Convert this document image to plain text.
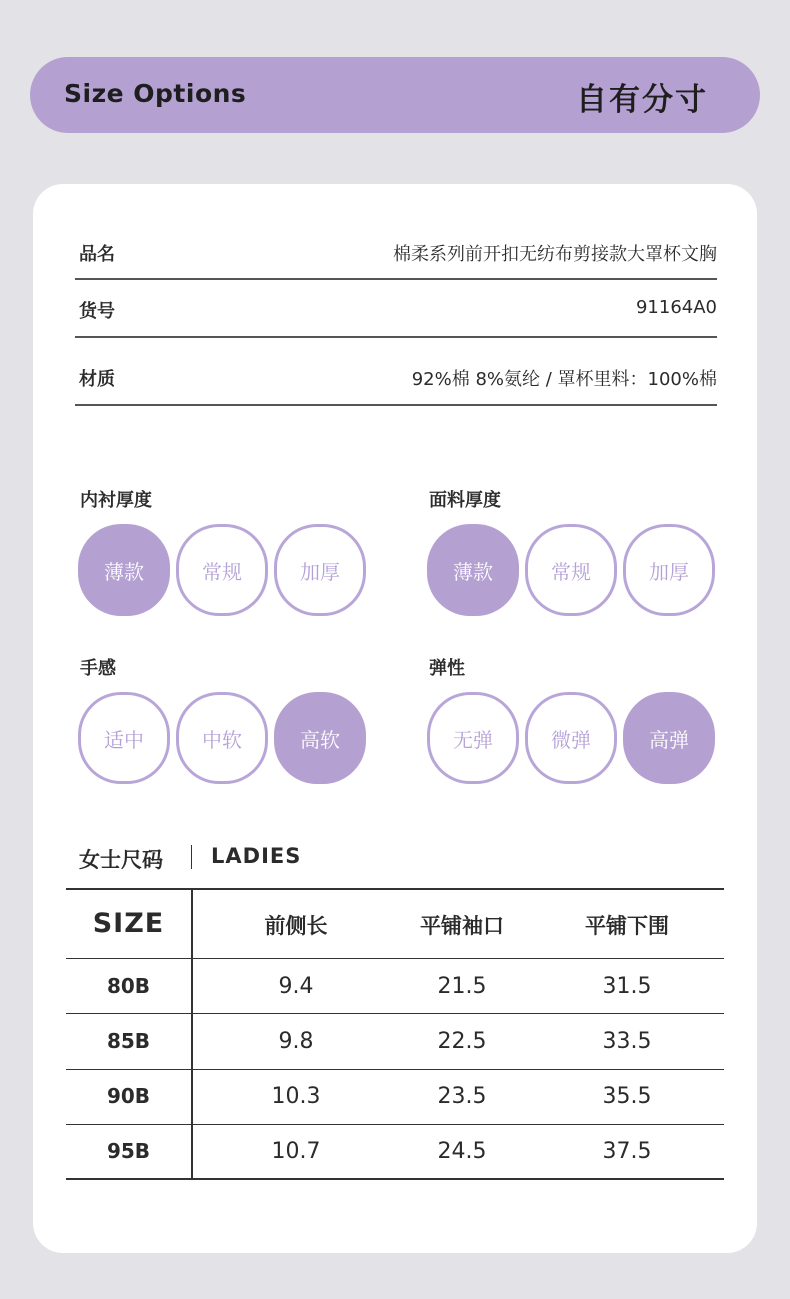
Size Options	自有分寸
品名	棉柔系列前开扣无纺布剪接款大罩杯文胸
货号	91164A0
材质	92%棉 8%氨纶 / 罩杯里料：100%棉
内衬厚度
薄款	常规	加厚
面料厚度
薄款	常规	加厚
手感
适中	中软	高软
弹性
无弹	微弹	高弹
女士尺码 LADIES
SIZE	前侧长	平铺袖口	平铺下围
80B	9.4	21.5	31.5
85B	9.8	22.5	33.5
90B	10.3	23.5	35.5
95B	10.7	24.5	37.5
